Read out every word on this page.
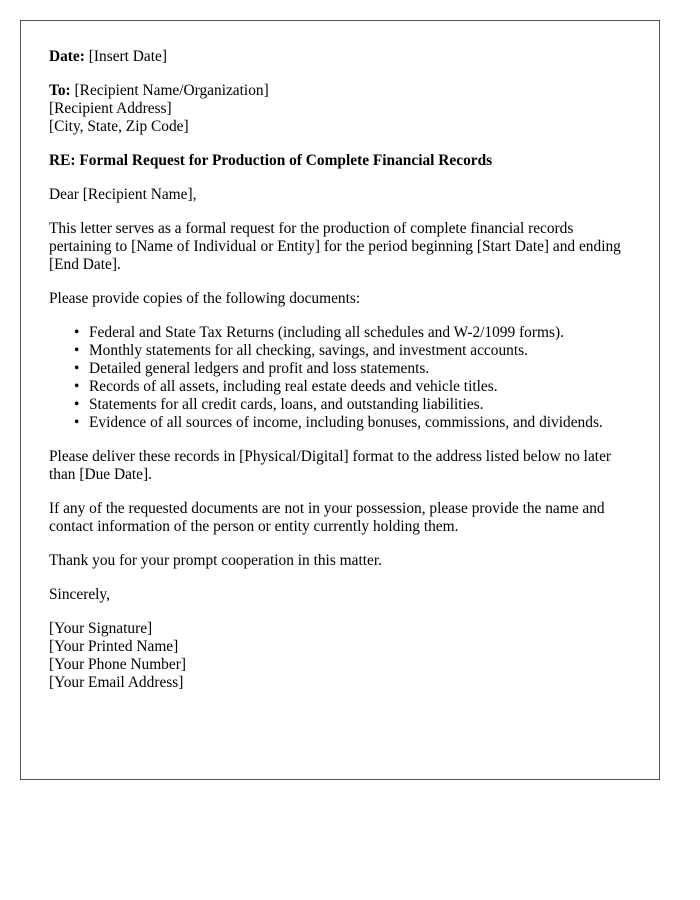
Date: [Insert Date]
To: [Recipient Name/Organization]
[Recipient Address]
[City, State, Zip Code]
RE: Formal Request for Production of Complete Financial Records
Dear [Recipient Name],
This letter serves as a formal request for the production of complete financial records pertaining to [Name of Individual or Entity] for the period beginning [Start Date] and ending [End Date].
Please provide copies of the following documents:
• Federal and State Tax Returns (including all schedules and W-2/1099 forms).
• Monthly statements for all checking, savings, and investment accounts.
• Detailed general ledgers and profit and loss statements.
• Records of all assets, including real estate deeds and vehicle titles.
• Statements for all credit cards, loans, and outstanding liabilities.
• Evidence of all sources of income, including bonuses, commissions, and dividends.
Please deliver these records in [Physical/Digital] format to the address listed below no later than [Due Date].
If any of the requested documents are not in your possession, please provide the name and contact information of the person or entity currently holding them.
Thank you for your prompt cooperation in this matter.
Sincerely,
[Your Signature]
[Your Printed Name]
[Your Phone Number]
[Your Email Address]
